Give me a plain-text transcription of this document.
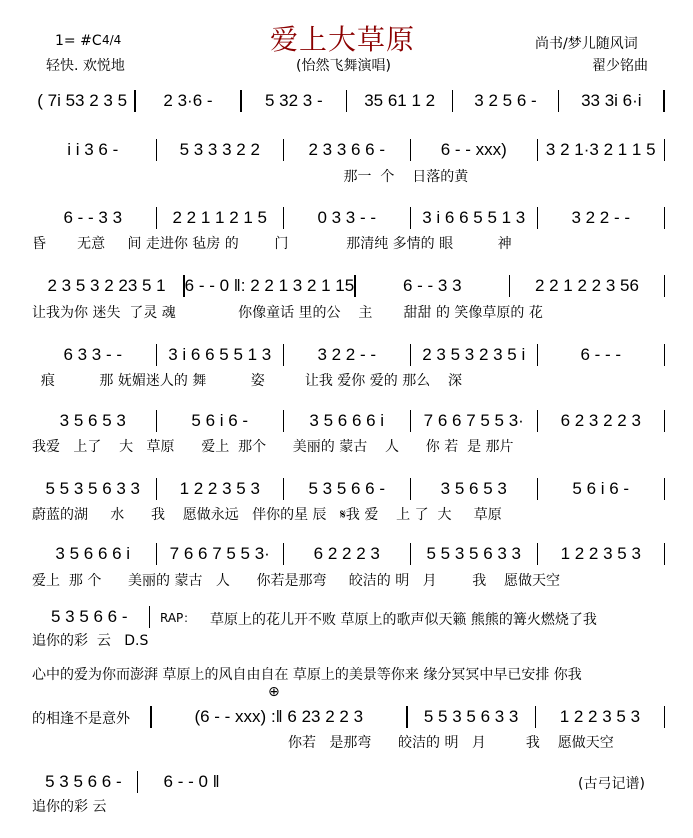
1= #C 4/4	爱上大草原	尚书/梦儿随风词
轻快. 欢悦地	(怡然飞舞演唱)	翟少铭曲
( 7i 53 2 3 5 2 3·6 -	5 32 3 - 35 61 1 2 3 2 5 6 -	33 3i 6·i
i i 3 6 -	5 3 3 3 2 2	2 3 3 6 6 -	6 - - xxx) 3 2 1·3 2 1 1 5
那一  个    日落的黄
6 - - 3 3	2 2 1 1 2 1 5	0 3 3 - -	3 i 6 6 5 5 1 3	3 2 2 - -
昏       无意     间 走进你 毡房 的        门             那清纯 多情的 眼          神
2 3 5 3 2 23 5 1 6 - - 0 ‖: 2 2 1 3 2 1 15	6 - - 3 3	2 2 1 2 2 3 56
让我为你 迷失  了灵 魂              你像童话 里的公    主       甜甜 的 笑像草原的 花
6 3 3 - -	3 i 6 6 5 5 1 3	3 2 2 - -	2 3 5 3 2 3 5 i	6 - - -
痕          那 妩媚迷人的 舞          姿         让我 爱你 爱的 那么    深
3 5 6 5 3	5 6 i 6 -	3 5 6 6 6 i 7 6 6 7 5 5 3· 6 2 3 2 2 3
我爱   上了    大   草原      爱上  那个      美丽的 蒙古    人      你 若  是 那片
5 5 3 5 6 3 3 1 2 2 3 5 3	5 3 5 6 6 -	3 5 6 5 3	5 6 i 6 -
蔚蓝的湖     水      我    愿做永远   伴你的星 辰   𝄋我 爱    上 了  大     草原
3 5 6 6 6 i 7 6 6 7 5 5 3·	6 2 2 2 3	5 5 3 5 6 3 3 1 2 2 3 5 3
爱上  那 个      美丽的 蒙古   人      你若是那弯     皎洁的 明   月        我    愿做天空
5 3 5 6 6 -	RAP： 草原上的花儿开不败 草原上的歌声似天籁 熊熊的篝火燃烧了我
追你的彩  云   D.S
心中的爱为你而澎湃 草原上的风自由自在 草原上的美景等你来 缘分冥冥中早已安排 你我
⊕
的相逢不是意外	(6 - - xxx) :‖ 6 23 2 2 3	5 5 3 5 6 3 3 1 2 2 3 5 3
你若   是那弯      皎洁的 明   月         我    愿做天空
5 3 5 6 6 - 6 - - 0 ‖
追你的彩 云
(古弓记谱)
